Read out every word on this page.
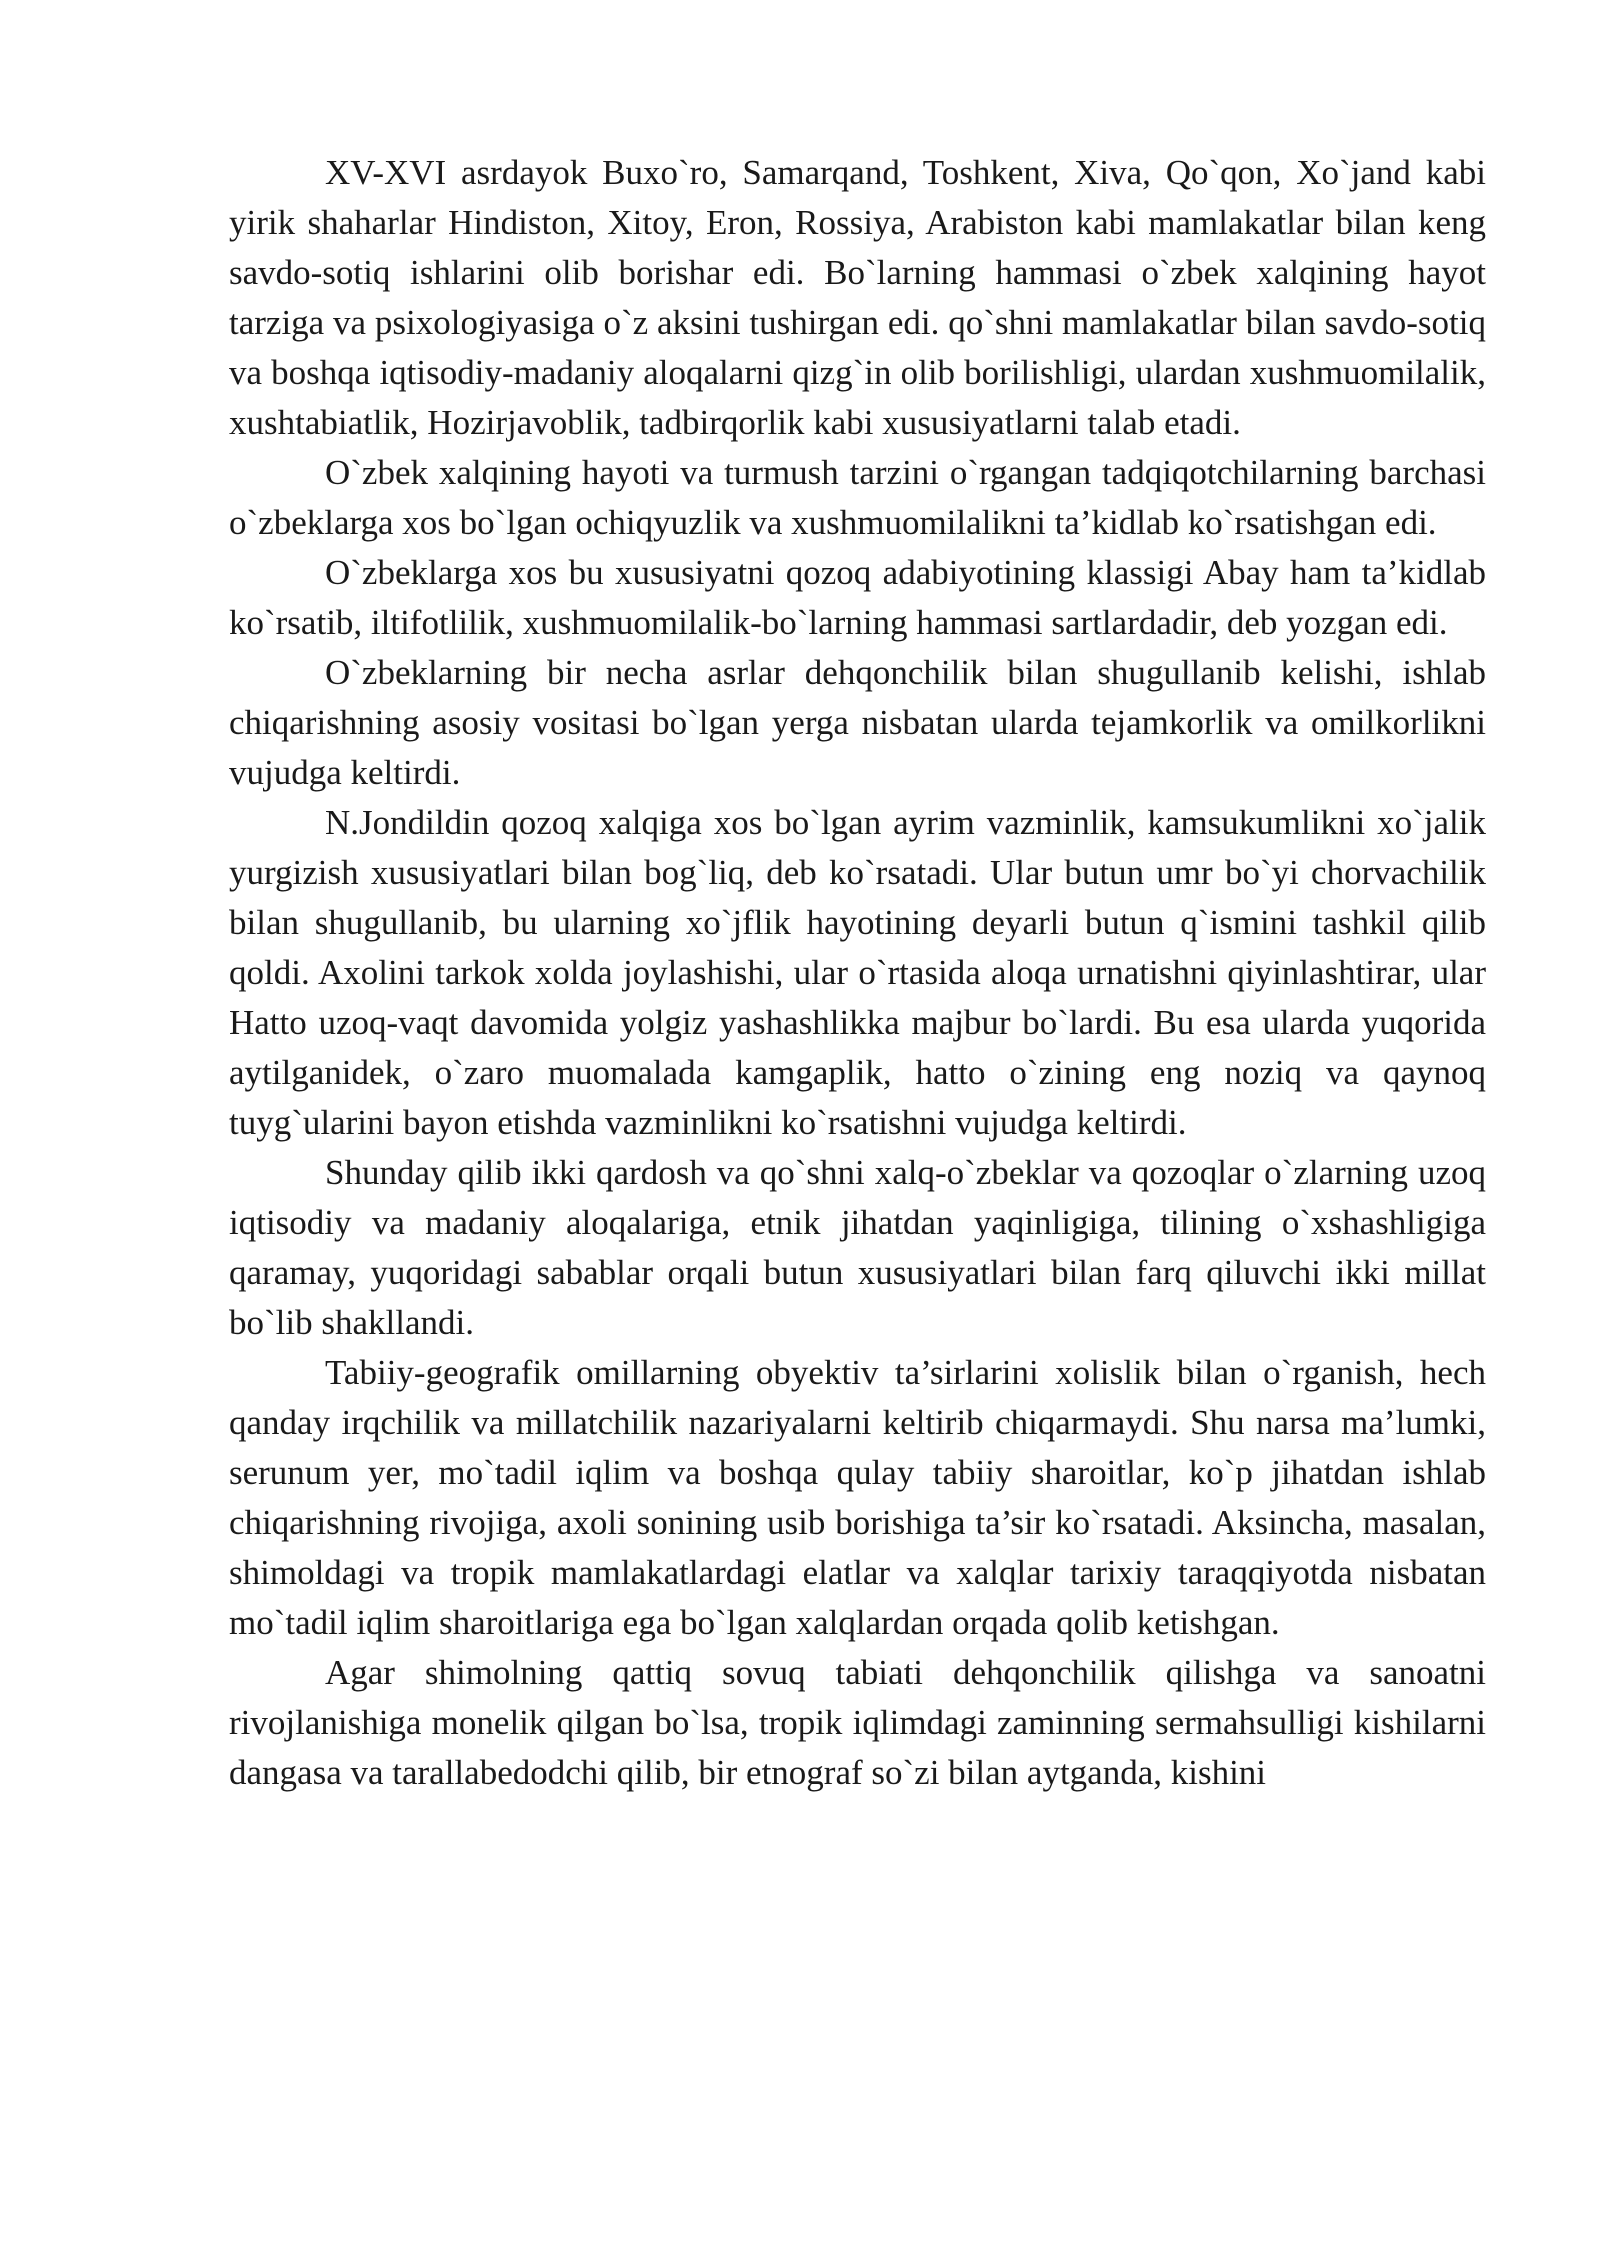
XV-XVI asrdayok Buxo`ro, Samarqand, Toshkent, Xiva, Qo`qon, Xo`jand kabi yirik shaharlar Hindiston, Xitoy, Eron, Rossiya, Arabiston kabi mamlakatlar bilan keng savdo-sotiq ishlarini olib borishar edi. Bo`larning hammasi o`zbek xalqining hayot tarziga va psixologiyasiga o`z aksini tushirgan edi. qo`shni mamlakatlar bilan savdo-sotiq va boshqa iqtisodiy-madaniy aloqalarni qizg`in olib borilishligi, ulardan xushmuomilalik, xushtabiatlik, Hozirjavoblik, tadbirqorlik kabi xususiyatlarni talab etadi.

O`zbek xalqining hayoti va turmush tarzini o`rgangan tadqiqotchilarning barchasi o`zbeklarga xos bo`lgan ochiqyuzlik va xushmuomilalikni ta’kidlab ko`rsatishgan edi.

O`zbeklarga xos bu xususiyatni qozoq adabiyotining klassigi Abay ham ta’kidlab ko`rsatib, iltifotlilik, xushmuomilalik-bo`larning hammasi sartlardadir, deb yozgan edi.

O`zbeklarning bir necha asrlar dehqonchilik bilan shugullanib kelishi, ishlab chiqarishning asosiy vositasi bo`lgan yerga nisbatan ularda tejamkorlik va omilkorlikni vujudga keltirdi.

N.Jondildin qozoq xalqiga xos bo`lgan ayrim vazminlik, kamsukumlikni xo`jalik yurgizish xususiyatlari bilan bog`liq, deb ko`rsatadi. Ular butun umr bo`yi chorvachilik bilan shugullanib, bu ularning xo`jflik hayotining deyarli butun q`ismini tashkil qilib qoldi. Axolini tarkok xolda joylashishi, ular o`rtasida aloqa urnatishni qiyinlashtirar, ular Hatto uzoq-vaqt davomida yolgiz yashashlikka majbur bo`lardi. Bu esa ularda yuqorida aytilganidek, o`zaro muomalada kamgaplik, hatto o`zining eng noziq va qaynoq tuyg`ularini bayon etishda vazminlikni ko`rsatishni vujudga keltirdi.

Shunday qilib ikki qardosh va qo`shni xalq-o`zbeklar va qozoqlar o`zlarning uzoq iqtisodiy va madaniy aloqalariga, etnik jihatdan yaqinligiga, tilining o`xshashligiga qaramay, yuqoridagi sabablar orqali butun xususiyatlari bilan farq qiluvchi ikki millat bo`lib shakllandi.

Tabiiy-geografik omillarning obyektiv ta’sirlarini xolislik bilan o`rganish, hech qanday irqchilik va millatchilik nazariyalarni keltirib chiqarmaydi. Shu narsa ma’lumki, serunum yer, mo`tadil iqlim va boshqa qulay tabiiy sharoitlar, ko`p jihatdan ishlab chiqarishning rivojiga, axoli sonining usib borishiga ta’sir ko`rsatadi. Aksincha, masalan, shimoldagi va tropik mamlakatlardagi elatlar va xalqlar tarixiy taraqqiyotda nisbatan mo`tadil iqlim sharoitlariga ega bo`lgan xalqlardan orqada qolib ketishgan.

Agar shimolning qattiq sovuq tabiati dehqonchilik qilishga va sanoatni rivojlanishiga monelik qilgan bo`lsa, tropik iqlimdagi zaminning sermahsulligi kishilarni dangasa va tarallabedodchi qilib, bir etnograf so`zi bilan aytganda, kishini
